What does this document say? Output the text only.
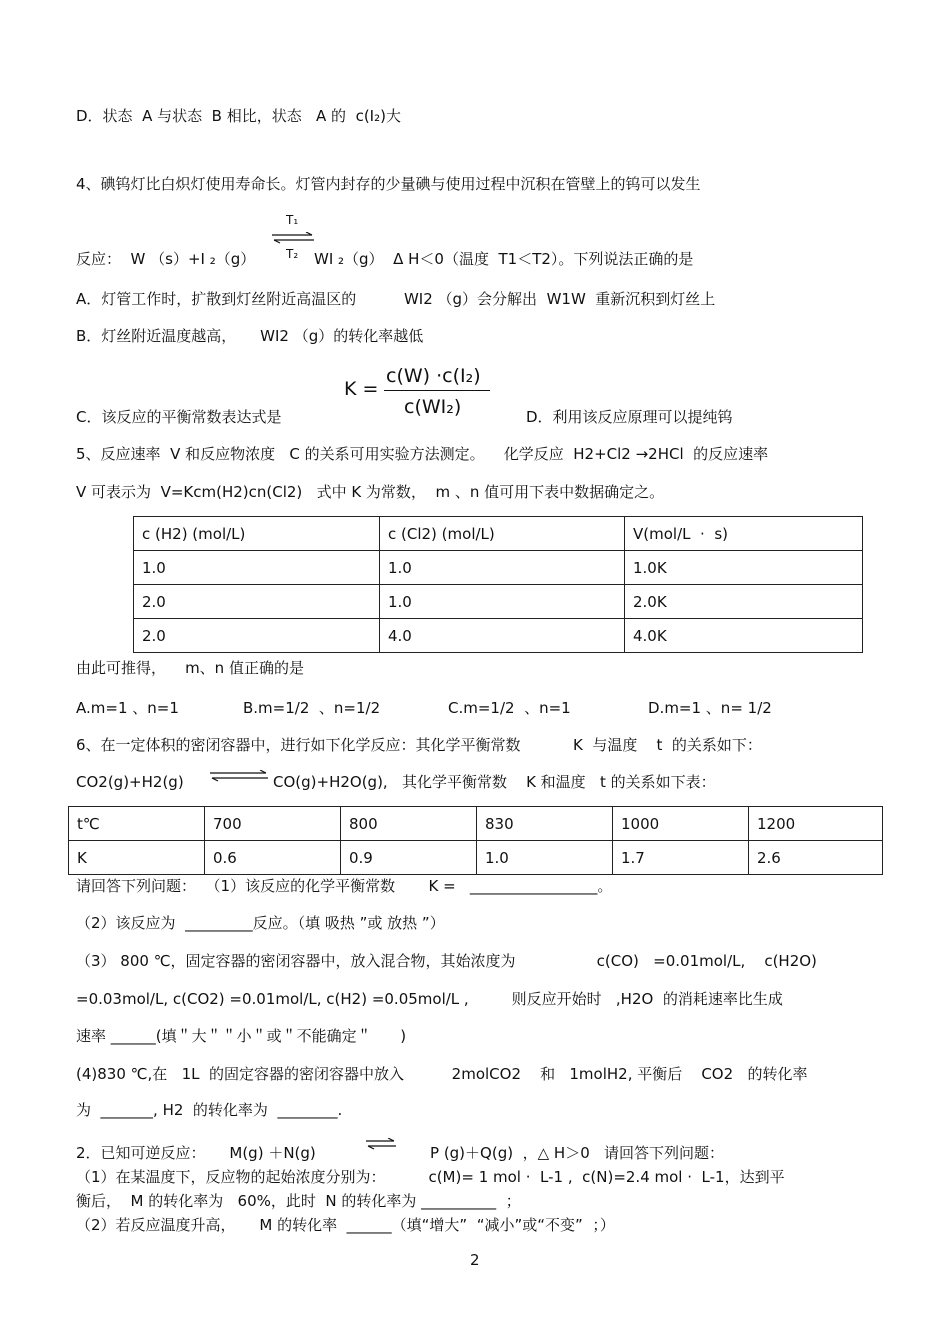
D．状态  A 与状态  B 相比，状态   A 的  c(I₂)大
4、碘钨灯比白炽灯使用寿命长。灯管内封存的少量碘与使用过程中沉积在管壁上的钨可以发生
T₁
T₂
反应：  W （s）+I ₂（g）	WI ₂（g）  Δ H＜0（温度  T1＜T2）。下列说法正确的是
A．灯管工作时，扩散到灯丝附近高温区的          WI2 （g）会分解出  W1W  重新沉积到灯丝上
B．灯丝附近温度越高，     WI2 （g）的转化率越低
K =
c(W) ·c(I₂)
c(WI₂)
C．该反应的平衡常数表达式是	D．利用该反应原理可以提纯钨
5、反应速率  V 和反应物浓度   C 的关系可用实验方法测定。    化学反应  H2+Cl2 →2HCl  的反应速率
V 可表示为  V=Kcm(H2)cn(Cl2)   式中 K 为常数，  m 、n 值可用下表中数据确定之。
c (H2) (mol/L)	c (Cl2) (mol/L)	V(mol/L  ·  s)
1.0	1.0	1.0K
2.0	1.0	2.0K
2.0	4.0	4.0K
由此可推得，    m、n 值正确的是
A.m=1 、n=1	B.m=1/2  、n=1/2	C.m=1/2  、n=1	D.m=1 、n= 1/2
6、在一定体积的密闭容器中，进行如下化学反应：其化学平衡常数           K  与温度    t  的关系如下：
CO2(g)+H2(g)	CO(g)+H2O(g),   其化学平衡常数    K 和温度   t 的关系如下表：
t℃	700	800	830	1000	1200
K	0.6	0.9	1.0	1.7	2.6
请回答下列问题：  （1）该反应的化学平衡常数       K =   _________________。
（2）该反应为  _________反应。（填 吸热 ”或 放热 ”）
（3） 800 ℃，固定容器的密闭容器中，放入混合物，其始浓度为                 c(CO)   =0.01mol/L,    c(H2O)
=0.03mol/L, c(CO2) =0.01mol/L, c(H2) =0.05mol/L ,         则反应开始时   ,H2O  的消耗速率比生成
速率 ______(填＂大＂＂小＂或＂不能确定＂      )
(4)830 ℃,在   1L  的固定容器的密闭容器中放入          2molCO2    和   1molH2, 平衡后    CO2   的转化率
为  _______, H2  的转化率为  ________.
2．已知可逆反应：     M(g) ＋N(g)	P (g)＋Q(g)  ，△ H＞0   请回答下列问题：
（1）在某温度下，反应物的起始浓度分别为：         c(M)= 1 mol ·  L-1 ,  c(N)=2.4 mol ·  L-1，达到平
衡后，  M 的转化率为   60%，此时  N 的转化率为 __________  ；
（2）若反应温度升高，     M 的转化率  ______（填“增大”  “减小”或“不变”  ；）
2
